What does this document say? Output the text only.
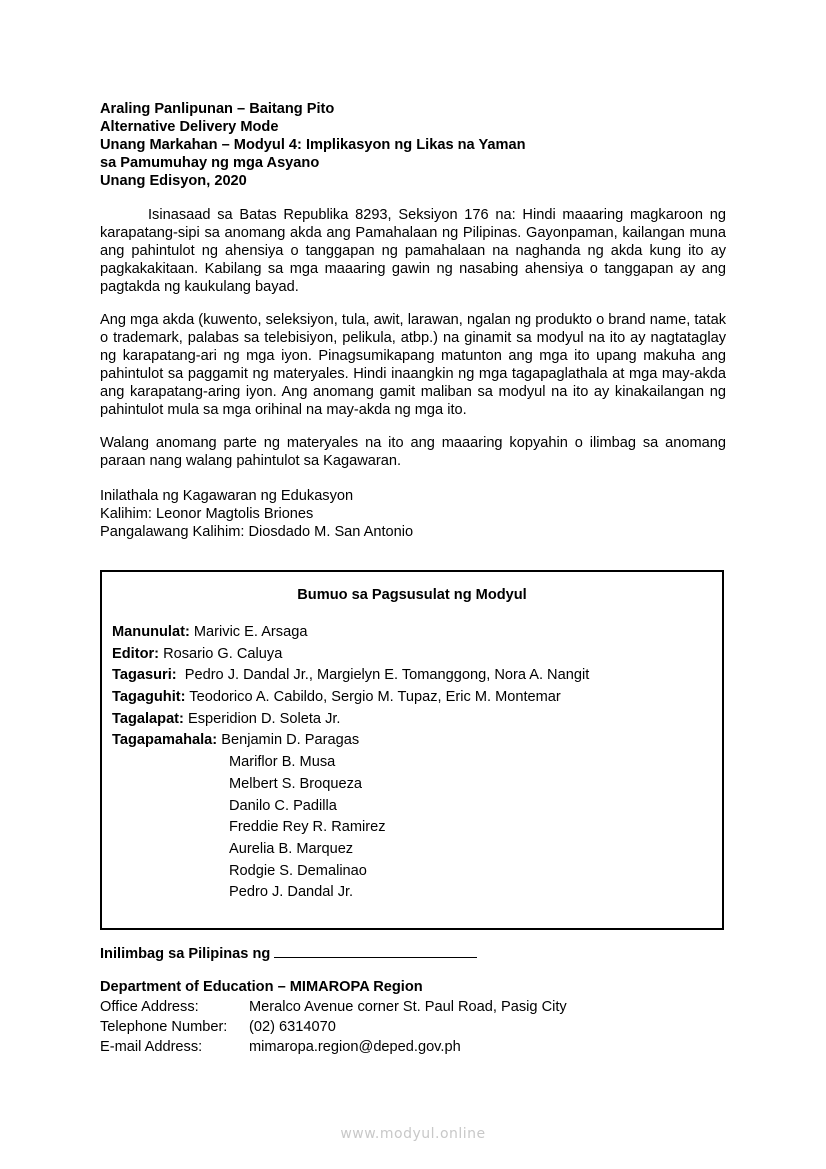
Araling Panlipunan – Baitang Pito
Alternative Delivery Mode
Unang Markahan – Modyul 4: Implikasyon ng Likas na Yaman
sa Pamumuhay ng mga Asyano
Unang Edisyon, 2020

Isinasaad sa Batas Republika 8293, Seksiyon 176 na: Hindi maaaring magkaroon ng karapatang-sipi sa anomang akda ang Pamahalaan ng Pilipinas. Gayonpaman, kailangan muna ang pahintulot ng ahensiya o tanggapan ng pamahalaan na naghanda ng akda kung ito ay pagkakakitaan. Kabilang sa mga maaaring gawin ng nasabing ahensiya o tanggapan ay ang pagtakda ng kaukulang bayad.

Ang mga akda (kuwento, seleksiyon, tula, awit, larawan, ngalan ng produkto o brand name, tatak o trademark, palabas sa telebisiyon, pelikula, atbp.) na ginamit sa modyul na ito ay nagtataglay ng karapatang-ari ng mga iyon. Pinagsumikapang matunton ang mga ito upang makuha ang pahintulot sa paggamit ng materyales. Hindi inaangkin ng mga tagapaglathala at mga may-akda ang karapatang-aring iyon. Ang anomang gamit maliban sa modyul na ito ay kinakailangan ng pahintulot mula sa mga orihinal na may-akda ng mga ito.

Walang anomang parte ng materyales na ito ang maaaring kopyahin o ilimbag sa anomang paraan nang walang pahintulot sa Kagawaran.

Inilathala ng Kagawaran ng Edukasyon
Kalihim: Leonor Magtolis Briones
Pangalawang Kalihim: Diosdado M. San Antonio
Bumuo sa Pagsusulat ng Modyul
Manunulat: Marivic E. Arsaga
Editor: Rosario G. Caluya
Tagasuri:  Pedro J. Dandal Jr., Margielyn E. Tomanggong, Nora A. Nangit
Tagaguhit: Teodorico A. Cabildo, Sergio M. Tupaz, Eric M. Montemar
Tagalapat: Esperidion D. Soleta Jr.
Tagapamahala: Benjamin D. Paragas
Mariflor B. Musa
Melbert S. Broqueza
Danilo C. Padilla
Freddie Rey R. Ramirez
Aurelia B. Marquez
Rodgie S. Demalinao
Pedro J. Dandal Jr.
Inilimbag sa Pilipinas ng
Department of Education – MIMAROPA Region
Office Address:	Meralco Avenue corner St. Paul Road, Pasig City
Telephone Number:	(02) 6314070
E-mail Address:	mimaropa.region@deped.gov.ph
www.modyul.online
